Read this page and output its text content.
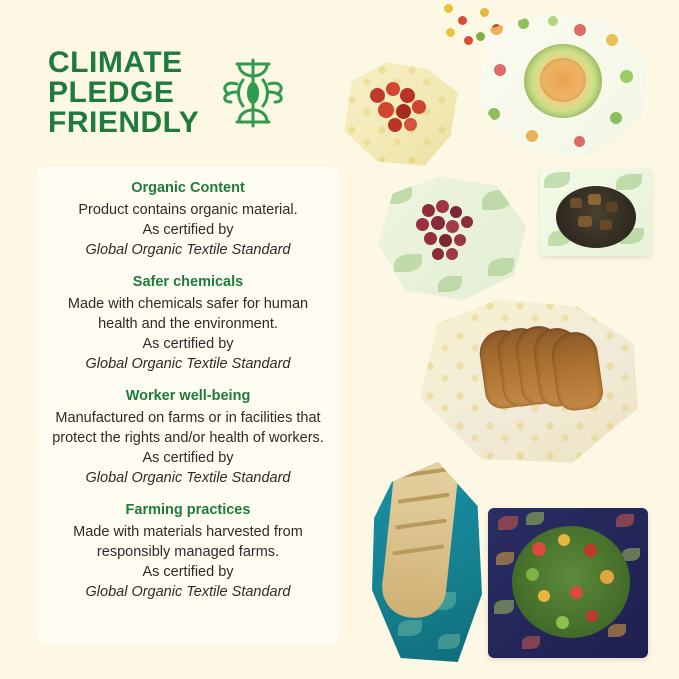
CLIMATE
PLEDGE
FRIENDLY
Organic Content
Product contains organic material.
As certified by
Global Organic Textile Standard
Safer chemicals
Made with chemicals safer for human health and the environment.
As certified by
Global Organic Textile Standard
Worker well-being
Manufactured on farms or in facilities that protect the rights and/or health of workers.
As certified by
Global Organic Textile Standard
Farming practices
Made with materials harvested from responsibly managed farms.
As certified by
Global Organic Textile Standard
